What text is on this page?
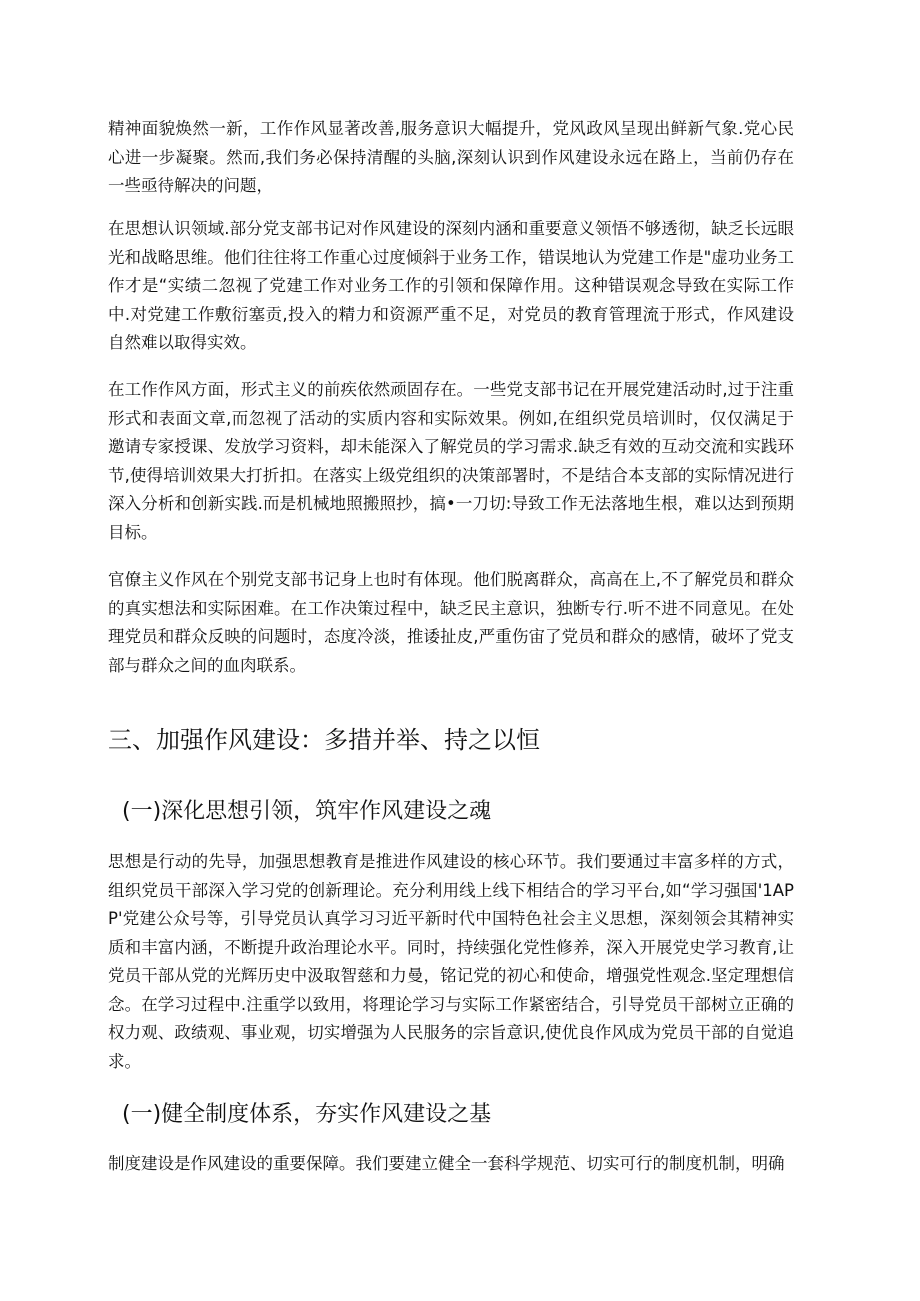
精神面貌焕然一新，工作作风显著改善,服务意识大幅提升，党风政风呈现出鲜新气象.党心民心进一步凝聚。然而,我们务必保持清醒的头脑,深刻认识到作风建设永远在路上，当前仍存在一些亟待解决的问题，

在思想认识领域.部分党支部书记对作风建设的深刻内涵和重要意义领悟不够透彻，缺乏长远眼光和战略思维。他们往往将工作重心过度倾斜于业务工作，错误地认为党建工作是"虚功业务工作才是“实绩二忽视了党建工作对业务工作的引领和保障作用。这种错误观念导致在实际工作中.对党建工作敷衍塞贡,投入的精力和资源严重不足，对党员的教育管理流于形式，作风建设自然难以取得实效。

在工作作风方面，形式主义的前疾依然顽固存在。一些党支部书记在开展党建活动时,过于注重形式和表面文章,而忽视了活动的实质内容和实际效果。例如,在组织党员培训时，仅仅满足于邀请专家授课、发放学习资料，却未能深入了解党员的学习需求.缺乏有效的互动交流和实践环节,使得培训效果大打折扣。在落实上级党组织的决策部署时，不是结合本支部的实际情况进行深入分析和创新实践.而是机械地照搬照抄，搞•一刀切:导致工作无法落地生根，难以达到预期目标。

官僚主义作风在个别党支部书记身上也时有体现。他们脱离群众，高高在上,不了解党员和群众的真实想法和实际困难。在工作决策过程中，缺乏民主意识，独断专行.听不进不同意见。在处理党员和群众反映的问题时，态度冷淡，推诿扯皮,严重伤宙了党员和群众的感情，破坏了党支部与群众之间的血肉联系。

三、加强作风建设：多措并举、持之以恒
(一)深化思想引领，筑牢作风建设之魂

思想是行动的先导，加强思想教育是推进作风建设的核心环节。我们要通过丰富多样的方式，组织党员干部深入学习党的创新理论。充分利用线上线下相结合的学习平台,如“学习强国'1APP'党建公众号等，引导党员认真学习习近平新时代中国特色社会主义思想，深刻领会其精神实质和丰富内涵，不断提升政治理论水平。同时，持续强化党性修养，深入开展党史学习教育,让党员干部从党的光辉历史中汲取智慈和力曼，铭记党的初心和使命，增强党性观念.坚定理想信念。在学习过程中.注重学以致用，将理论学习与实际工作紧密结合，引导党员干部树立正确的权力观、政绩观、事业观，切实增强为人民服务的宗旨意识,使优良作风成为党员干部的自觉追求。

(一)健全制度体系，夯实作风建设之基

制度建设是作风建设的重要保障。我们要建立健全一套科学规范、切实可行的制度机制，明确
